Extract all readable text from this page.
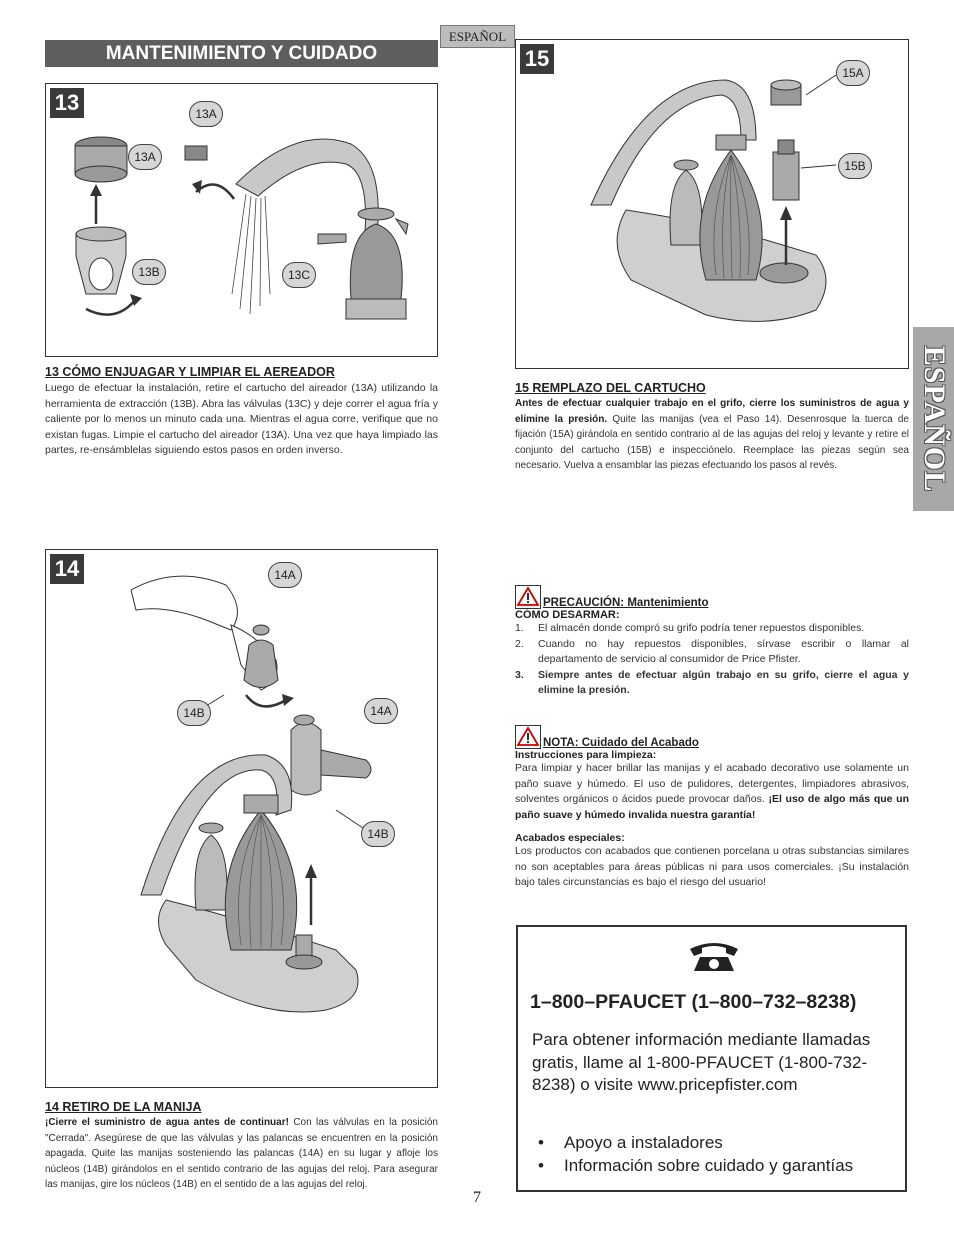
MANTENIMIENTO Y CUIDADO
ESPAÑOL
ESPAÑOL
13	13A
13A
13B	13C
13 CÓMO ENJUAGAR Y LIMPIAR EL AEREADOR
Luego de efectuar la instalación, retire el cartucho del aireador (13A) utilizando la herramienta de extracción (13B). Abra las válvulas (13C) y deje correr el agua fría y caliente por lo menos un minuto cada una. Mientras el agua corre, verifique que no existan fugas. Limpie el cartucho del aireador (13A). Una vez que haya limpiado las partes, re-ensámblelas siguiendo estos pasos en orden inverso.
15
15A
15B
15 REMPLAZO DEL CARTUCHO
Antes de efectuar cualquier trabajo en el grifo, cierre los suministros de agua y elimine la presión. Quite las manijas (vea el Paso 14). Desenrosque la tuerca de fijación (15A) girándola en sentido contrario al de las agujas del reloj y levante y retire el conjunto del cartucho (15B) e inspecciónelo. Reemplace las piezas según sea necesario. Vuelva a ensamblar las piezas efectuando los pasos al revés.
14	14A
14B	14A
14B
14 RETIRO DE LA MANIJA
¡Cierre el suministro de agua antes de continuar! Con las válvulas en la posición "Cerrada". Asegúrese de que las válvulas y las palancas se encuentren en la posición apagada. Quite las manijas sosteniendo las palancas (14A) en su lugar y afloje los núcleos (14B) girándolos en el sentido contrario de las agujas del reloj. Para asegurar las manijas, gire los núcleos (14B) en el sentido de a las agujas del reloj.
PRECAUCIÓN: Mantenimiento
CÓMO DESARMAR:
1.	El almacén donde compró su grifo podría tener repuestos disponibles.
2.	Cuando no hay repuestos disponibles, sírvase escribir o llamar al departamento de servicio al consumidor de Price Pfister.
3.	Siempre antes de efectuar algún trabajo en su grifo, cierre el agua y elimine la presión.
NOTA: Cuidado del Acabado
Instrucciones para limpieza:
Para limpiar y hacer brillar las manijas y el acabado decorativo use solamente un paño suave y húmedo. El uso de pulidores, detergentes, limpiadores abrasivos, solventes orgánicos o ácidos puede provocar daños. ¡El uso de algo más que un paño suave y húmedo invalida nuestra garantía!
Acabados especiales:
Los productos con acabados que contienen porcelana u otras substancias similares no son aceptables para áreas públicas ni para usos comerciales. ¡Su instalación bajo tales circunstancias es bajo el riesgo del usuario!
1–800–PFAUCET (1–800–732–8238)
Para obtener información mediante llamadas gratis, llame al 1-800-PFAUCET (1-800-732-8238) o visite www.pricepfister.com
• Apoyo a instaladores
• Información sobre cuidado y garantías
7
